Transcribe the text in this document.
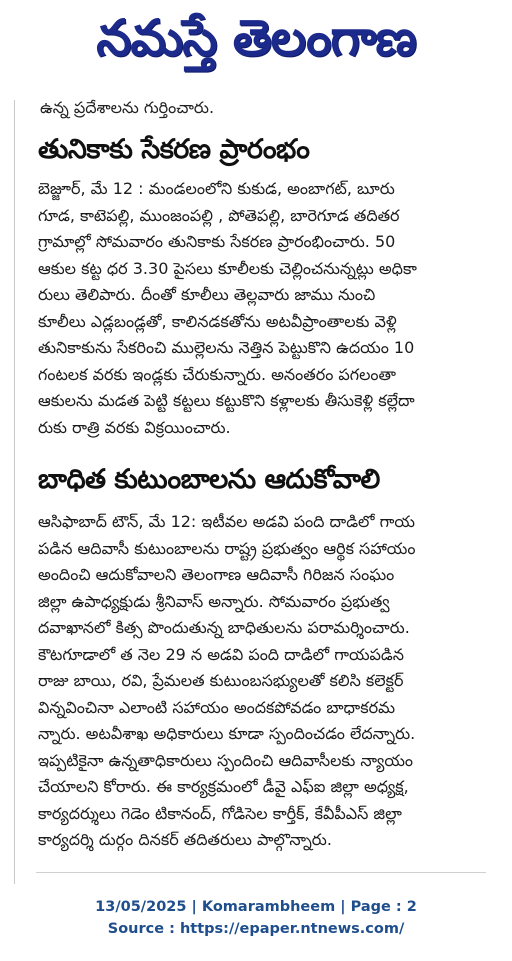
నమస్తే తెలంగాణ
ఉన్న ప్రదేశాలను గుర్తించారు.
తునికాకు సేకరణ ప్రారంభం

బెజ్జూర్, మే 12 : మండలంలోని కుకుడ, అంబాగట్, బూరు

గూడ, కాటెపల్లి, ముంజంపల్లి , పోతెపల్లి, బారెగూడ తదితర

గ్రామాల్లో సోమవారం తునికాకు సేకరణ ప్రారంభించారు. 50

ఆకుల కట్ట ధర 3.30 పైసలు కూలీలకు చెల్లించనున్నట్లు అధికా

రులు తెలిపారు. దీంతో కూలీలు తెల్లవారు జాము నుంచి

కూలీలు ఎడ్లబండ్లతో, కాలినడకతోను అటవీప్రాంతాలకు వెళ్లి

తునికాకును సేకరించి ముల్లెలను నెత్తిన పెట్టుకొని ఉదయం 10

గంటలక వరకు ఇండ్లకు చేరుకున్నారు. అనంతరం పగలంతా

ఆకులను మడత పెట్టి కట్టలు కట్టుకొని కళ్లాలకు తీసుకెళ్లి కల్లేదా

రుకు రాత్రి వరకు విక్రయించారు.

బాధిత కుటుంబాలను ఆదుకోవాలి

ఆసిఫాబాద్ టౌన్, మే 12: ఇటీవల అడవి పంది దాడిలో గాయ

పడిన ఆదివాసీ కుటుంబాలను రాష్ట్ర ప్రభుత్వం ఆర్థిక సహాయం

అందించి ఆదుకోవాలని తెలంగాణ ఆదివాసీ గిరిజన సంఘం

జిల్లా ఉపాధ్యక్షుడు శ్రీనివాస్ అన్నారు. సోమవారం ప్రభుత్వ

దవాఖానలో కిత్స పొందుతున్న బాధితులను పరామర్శించారు.

కౌటగూడాలో త నెల 29 న అడవి పంది దాడిలో గాయపడిన

రాజు బాయి, రవి, ప్రేమలత కుటుంబసభ్యులతో కలిసి కలెక్టర్

విన్నవించినా ఎలాంటి సహాయం అందకపోవడం బాధాకరమ

న్నారు. అటవీశాఖ అధికారులు కూడా స్పందించడం లేదన్నారు.

ఇప్పటికైనా ఉన్నతాధికారులు స్పందించి ఆదివాసీలకు న్యాయం

చేయాలని కోరారు. ఈ కార్యక్రమంలో డీవై ఎఫ్ఐ జిల్లా అధ్యక్ష,

కార్యదర్శులు గెడెం టికానంద్, గోడిసెల కార్తీక్, కేవీపీఎస్ జిల్లా

కార్యదర్శి దుర్గం దినకర్ తదితరులు పాల్గొన్నారు.

13/05/2025 | Komarambheem | Page : 2
Source : https://epaper.ntnews.com/
